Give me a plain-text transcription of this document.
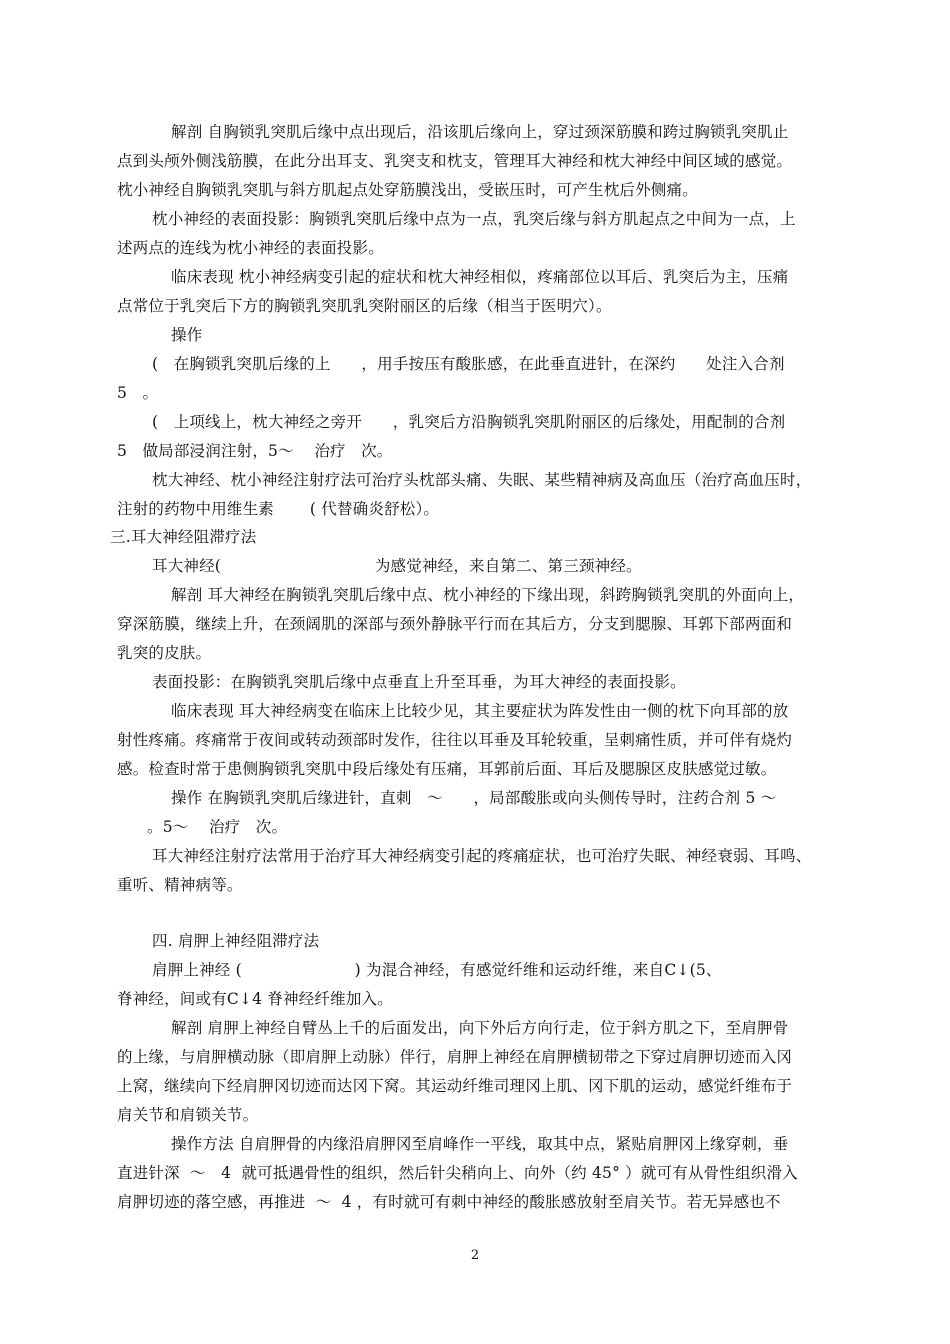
解剖 自胸锁乳突肌后缘中点出现后，沿该肌后缘向上，穿过颈深筋膜和跨过胸锁乳突肌止
点到头颅外侧浅筋膜，在此分出耳支、乳突支和枕支，管理耳大神经和枕大神经中间区域的感觉。
枕小神经自胸锁乳突肌与斜方肌起点处穿筋膜浅出，受嵌压时，可产生枕后外侧痛。
枕小神经的表面投影：胸锁乳突肌后缘中点为一点，乳突后缘与斜方肌起点之中间为一点，上
述两点的连线为枕小神经的表面投影。
临床表现 枕小神经病变引起的症状和枕大神经相似，疼痛部位以耳后、乳突后为主，压痛
点常位于乳突后下方的胸锁乳突肌乳突附丽区的后缘（相当于医明穴）。
操作
(   在胸锁乳突肌后缘的上      ，用手按压有酸胀感，在此垂直进针，在深约      处注入合剂
5   。
(   上项线上，枕大神经之旁开      ，乳突后方沿胸锁乳突肌附丽区的后缘处，用配制的合剂
5   做局部浸润注射，5～    治疗   次。
枕大神经、枕小神经注射疗法可治疗头枕部头痛、失眠、某些精神病及高血压（治疗高血压时，
注射的药物中用维生素       ( 代替确炎舒松）。
三.耳大神经阻滞疗法
耳大神经(                              为感觉神经，来自第二、第三颈神经。
解剖 耳大神经在胸锁乳突肌后缘中点、枕小神经的下缘出现，斜跨胸锁乳突肌的外面向上，
穿深筋膜，继续上升，在颈阔肌的深部与颈外静脉平行而在其后方，分支到腮腺、耳郭下部两面和
乳突的皮肤。
表面投影：在胸锁乳突肌后缘中点垂直上升至耳垂，为耳大神经的表面投影。
临床表现 耳大神经病变在临床上比较少见，其主要症状为阵发性由一侧的枕下向耳部的放
射性疼痛。疼痛常于夜间或转动颈部时发作，往往以耳垂及耳轮较重，呈刺痛性质，并可伴有烧灼
感。检查时常于患侧胸锁乳突肌中段后缘处有压痛，耳郭前后面、耳后及腮腺区皮肤感觉过敏。
操作 在胸锁乳突肌后缘进针，直刺   ～      ，局部酸胀或向头侧传导时，注药合剂 5 ～
。5～    治疗   次。
耳大神经注射疗法常用于治疗耳大神经病变引起的疼痛症状，也可治疗失眠、神经衰弱、耳鸣、
重听、精神病等。
四. 肩胛上神经阻滞疗法
肩胛上神经 (                      ) 为混合神经，有感觉纤维和运动纤维，来自C↓(5、
脊神经，间或有C↓4 脊神经纤维加入。
解剖 肩胛上神经自臂丛上千的后面发出，向下外后方向行走，位于斜方肌之下，至肩胛骨
的上缘，与肩胛横动脉（即肩胛上动脉）伴行，肩胛上神经在肩胛横韧带之下穿过肩胛切迹而入冈
上窝，继续向下经肩胛冈切迹而达冈下窝。其运动纤维司理冈上肌、冈下肌的运动，感觉纤维布于
肩关节和肩锁关节。
操作方法 自肩胛骨的内缘沿肩胛冈至肩峰作一平线，取其中点，紧贴肩胛冈上缘穿刺，垂
直进针深  ～   4  就可抵遇骨性的组织，然后针尖稍向上、向外（约 45° ）就可有从骨性组织滑入
肩胛切迹的落空感，再推进  ～  4 ，有时就可有刺中神经的酸胀感放射至肩关节。若无异感也不
2
